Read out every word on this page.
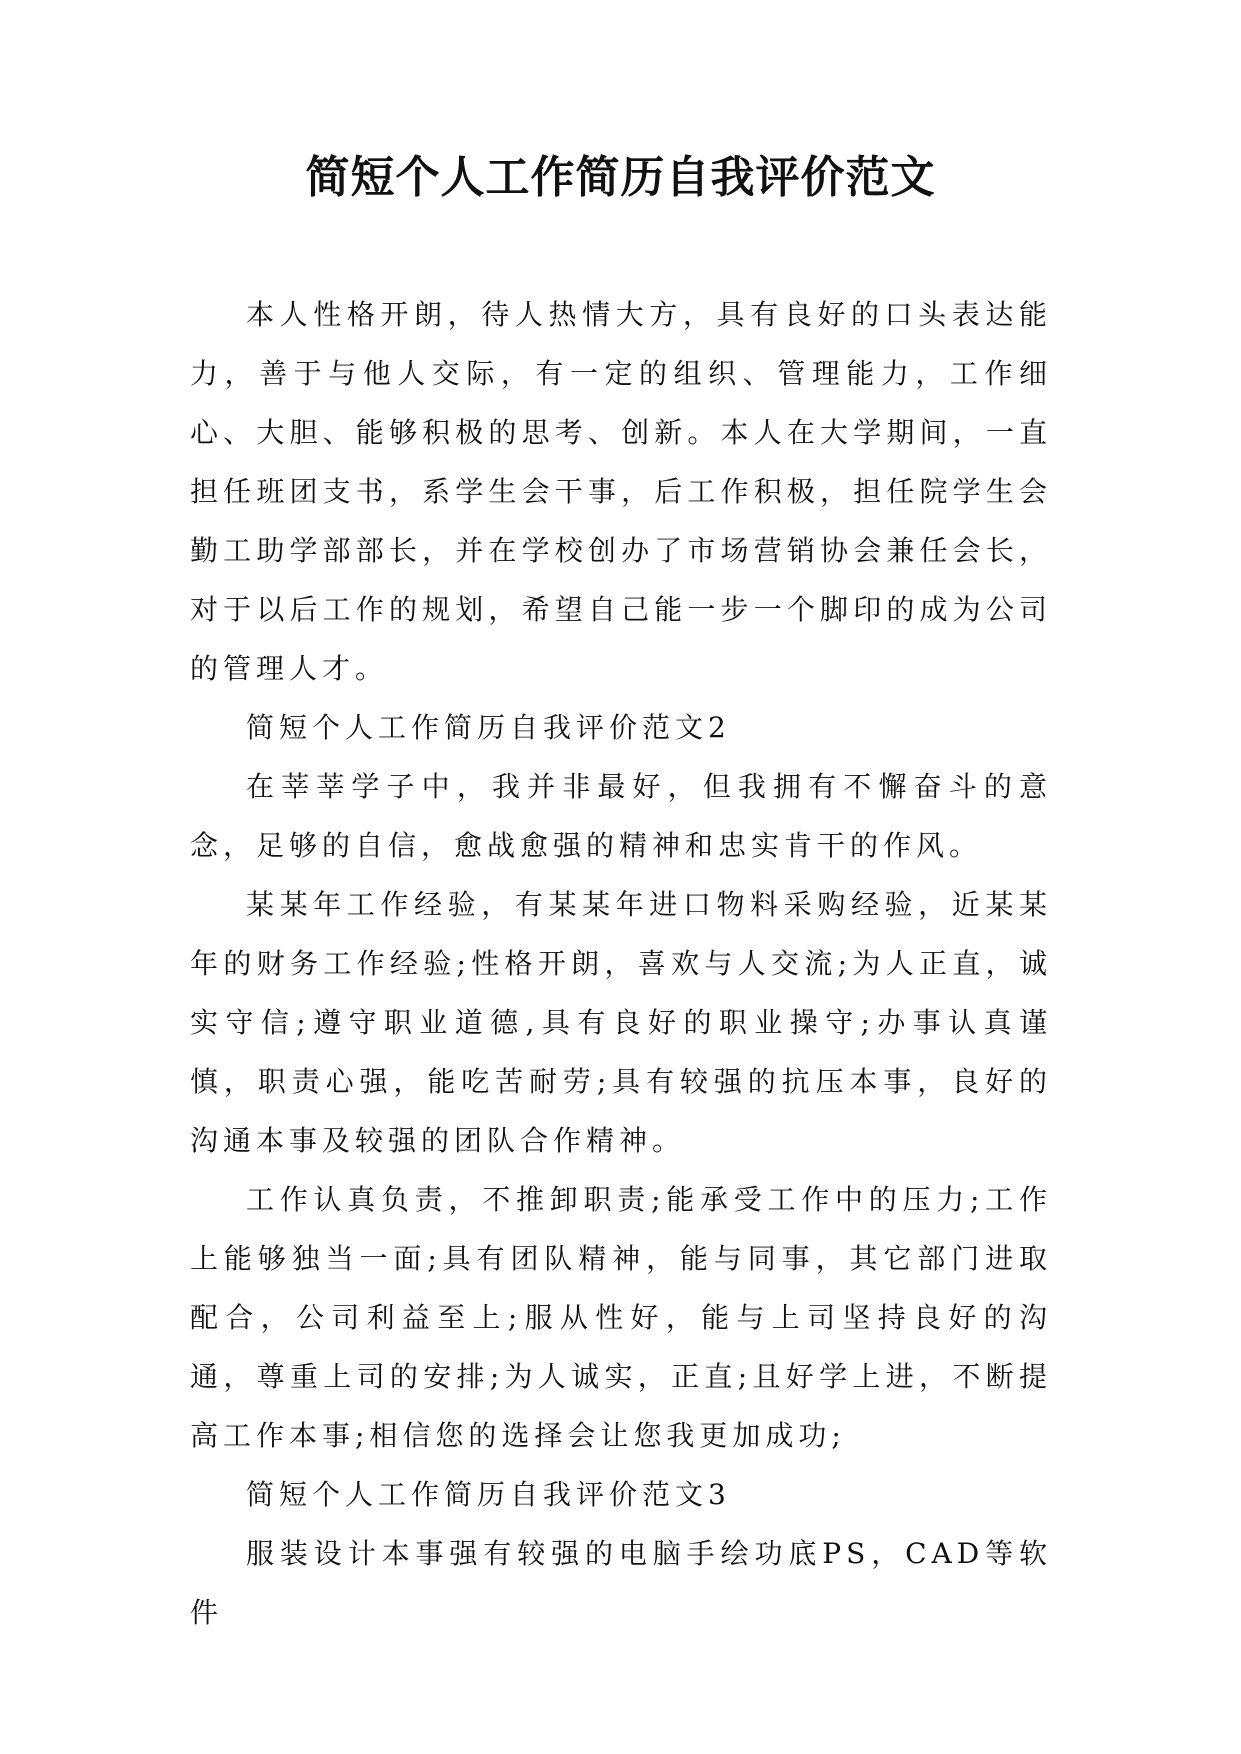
简短个人工作简历自我评价范文

本人性格开朗，待人热情大方，具有良好的口头表达能力，善于与他人交际，有一定的组织、管理能力，工作细心、大胆、能够积极的思考、创新。本人在大学期间，一直担任班团支书，系学生会干事，后工作积极，担任院学生会勤工助学部部长，并在学校创办了市场营销协会兼任会长，对于以后工作的规划，希望自己能一步一个脚印的成为公司的管理人才。

简短个人工作简历自我评价范文2

在莘莘学子中，我并非最好，但我拥有不懈奋斗的意念，足够的自信，愈战愈强的精神和忠实肯干的作风。

某某年工作经验，有某某年进口物料采购经验，近某某年的财务工作经验;性格开朗，喜欢与人交流;为人正直，诚实守信;遵守职业道德,具有良好的职业操守;办事认真谨慎，职责心强，能吃苦耐劳;具有较强的抗压本事，良好的沟通本事及较强的团队合作精神。

工作认真负责，不推卸职责;能承受工作中的压力;工作上能够独当一面;具有团队精神，能与同事，其它部门进取配合，公司利益至上;服从性好，能与上司坚持良好的沟通，尊重上司的安排;为人诚实，正直;且好学上进，不断提高工作本事;相信您的选择会让您我更加成功;

简短个人工作简历自我评价范文3

服装设计本事强有较强的电脑手绘功底PS，CAD等软件
